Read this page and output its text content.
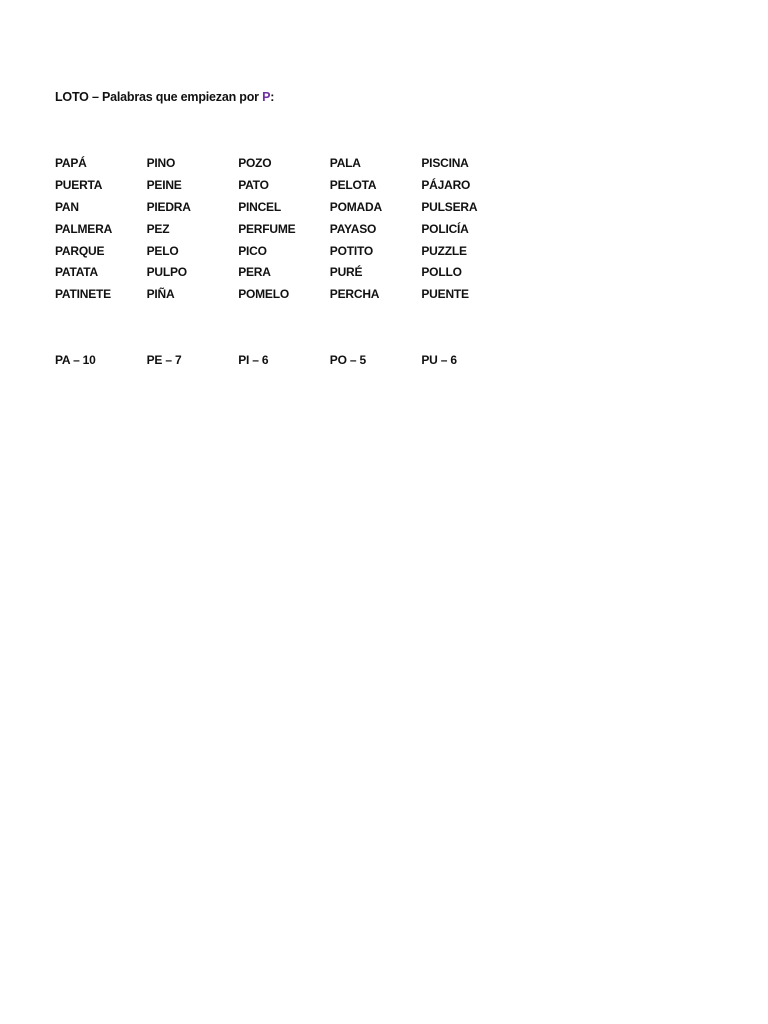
LOTO – Palabras que empiezan por P:
PAPÁ	PINO	POZO	PALA	PISCINA
PUERTA	PEINE	PATO	PELOTA	PÁJARO
PAN	PIEDRA	PINCEL	POMADA	PULSERA
PALMERA	PEZ	PERFUME	PAYASO	POLICÍA
PARQUE	PELO	PICO	POTITO	PUZZLE
PATATA	PULPO	PERA	PURÉ	POLLO
PATINETE	PIÑA	POMELO	PERCHA	PUENTE
PA – 10	PE – 7	PI – 6	PO – 5	PU – 6
